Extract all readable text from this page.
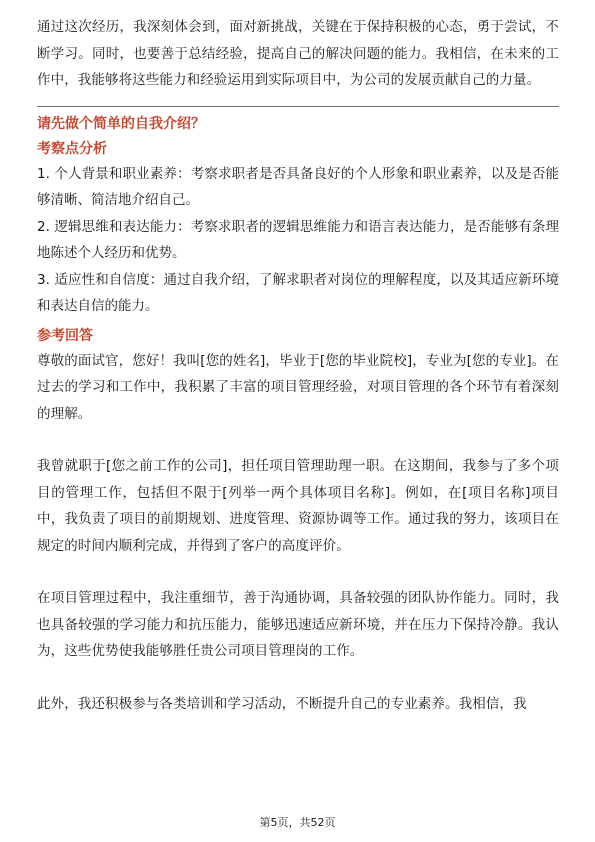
通过这次经历，我深刻体会到，面对新挑战，关键在于保持积极的心态，勇于尝试，不断学习。同时，也要善于总结经验，提高自己的解决问题的能力。我相信，在未来的工作中，我能够将这些能力和经验运用到实际项目中，为公司的发展贡献自己的力量。

请先做个简单的自我介绍？

考察点分析

1. 个人背景和职业素养：考察求职者是否具备良好的个人形象和职业素养，以及是否能够清晰、简洁地介绍自己。

2. 逻辑思维和表达能力：考察求职者的逻辑思维能力和语言表达能力，是否能够有条理地陈述个人经历和优势。

3. 适应性和自信度：通过自我介绍，了解求职者对岗位的理解程度，以及其适应新环境和表达自信的能力。

参考回答

尊敬的面试官，您好！我叫[您的姓名]，毕业于[您的毕业院校]，专业为[您的专业]。在过去的学习和工作中，我积累了丰富的项目管理经验，对项目管理的各个环节有着深刻的理解。

我曾就职于[您之前工作的公司]，担任项目管理助理一职。在这期间，我参与了多个项目的管理工作，包括但不限于[列举一两个具体项目名称]。例如，在[项目名称]项目中，我负责了项目的前期规划、进度管理、资源协调等工作。通过我的努力，该项目在规定的时间内顺利完成，并得到了客户的高度评价。

在项目管理过程中，我注重细节，善于沟通协调，具备较强的团队协作能力。同时，我也具备较强的学习能力和抗压能力，能够迅速适应新环境，并在压力下保持冷静。我认为，这些优势使我能够胜任贵公司项目管理岗的工作。

此外，我还积极参与各类培训和学习活动，不断提升自己的专业素养。我相信，我

第5页，共52页
